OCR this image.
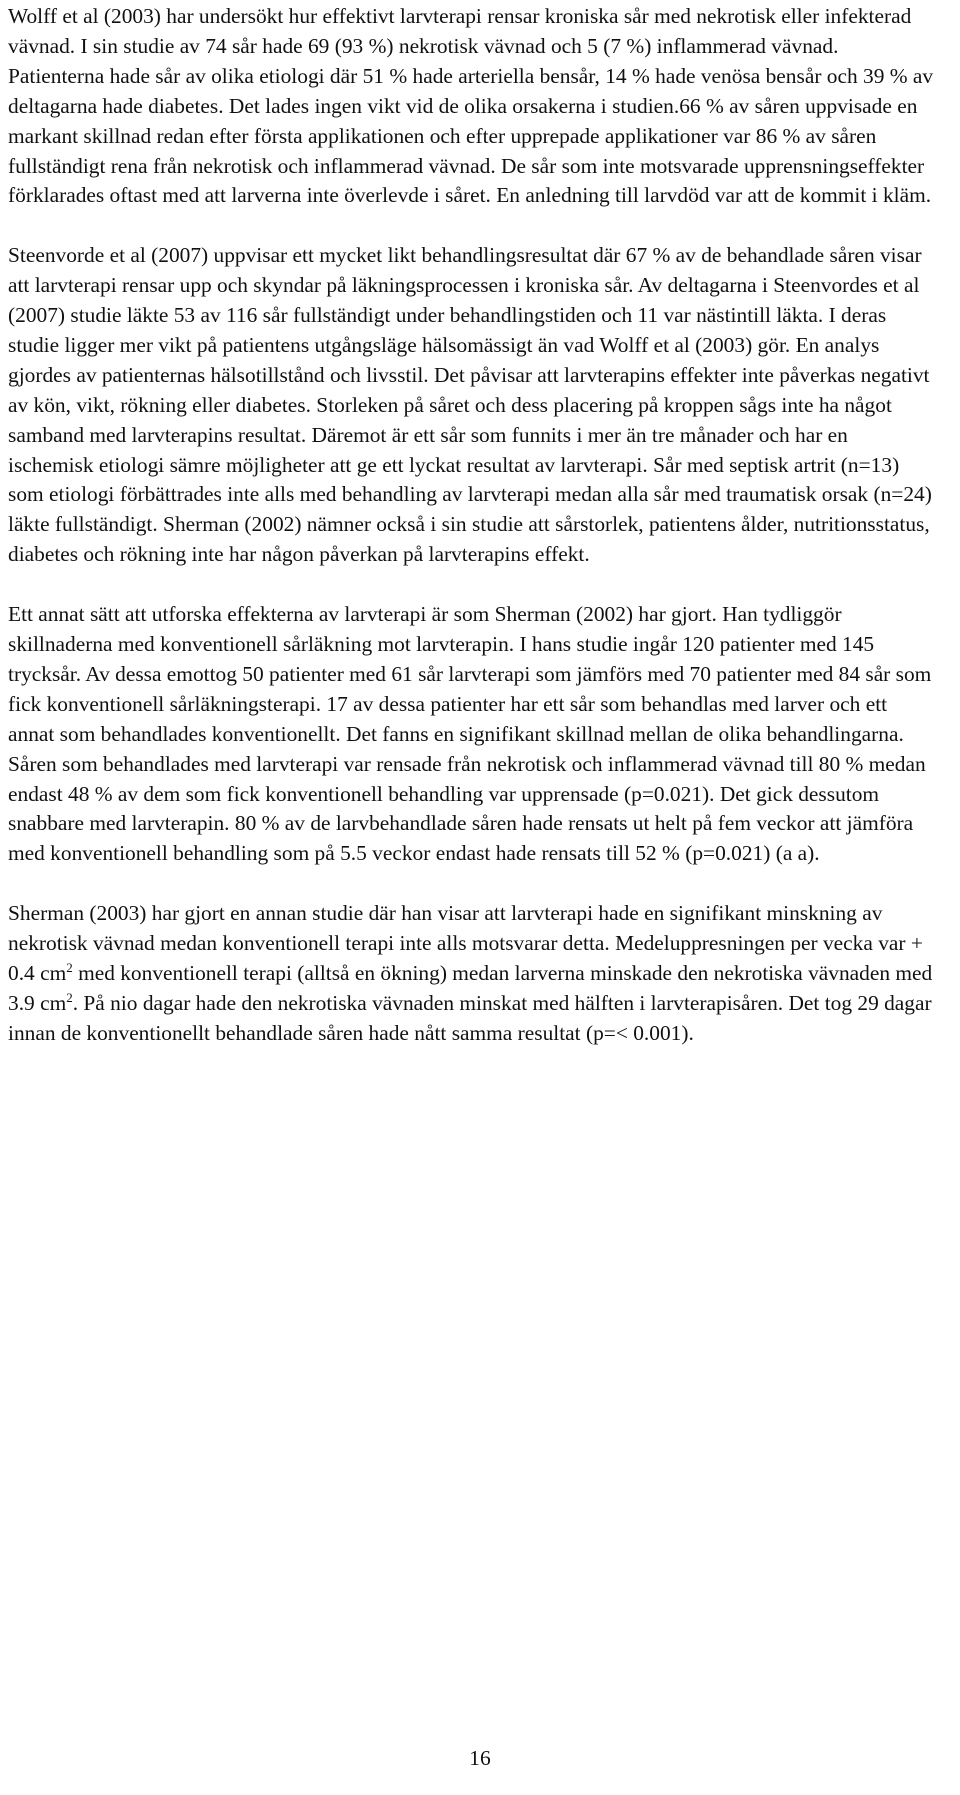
Wolff et al (2003) har undersökt hur effektivt larvterapi rensar kroniska sår med nekrotisk eller infekterad vävnad. I sin studie av 74 sår hade 69 (93 %) nekrotisk vävnad och 5 (7 %) inflammerad vävnad. Patienterna hade sår av olika etiologi där 51 % hade arteriella bensår, 14 % hade venösa bensår och 39 % av deltagarna hade diabetes. Det lades ingen vikt vid de olika orsakerna i studien.66 % av såren uppvisade en markant skillnad redan efter första applikationen och efter upprepade applikationer var 86 % av såren fullständigt rena från nekrotisk och inflammerad vävnad. De sår som inte motsvarade upprensningseffekter förklarades oftast med att larverna inte överlevde i såret. En anledning till larvdöd var att de kommit i kläm.

Steenvorde et al (2007) uppvisar ett mycket likt behandlingsresultat där 67 % av de behandlade såren visar att larvterapi rensar upp och skyndar på läkningsprocessen i kroniska sår. Av deltagarna i Steenvordes et al (2007) studie läkte 53 av 116 sår fullständigt under behandlingstiden och 11 var nästintill läkta. I deras studie ligger mer vikt på patientens utgångsläge hälsomässigt än vad Wolff et al (2003) gör. En analys gjordes av patienternas hälsotillstånd och livsstil. Det påvisar att larvterapins effekter inte påverkas negativt av kön, vikt, rökning eller diabetes. Storleken på såret och dess placering på kroppen sågs inte ha något samband med larvterapins resultat. Däremot är ett sår som funnits i mer än tre månader och har en ischemisk etiologi sämre möjligheter att ge ett lyckat resultat av larvterapi. Sår med septisk artrit (n=13) som etiologi förbättrades inte alls med behandling av larvterapi medan alla sår med traumatisk orsak (n=24) läkte fullständigt. Sherman (2002) nämner också i sin studie att sårstorlek, patientens ålder, nutritionsstatus, diabetes och rökning inte har någon påverkan på larvterapins effekt.

Ett annat sätt att utforska effekterna av larvterapi är som Sherman (2002) har gjort. Han tydliggör skillnaderna med konventionell sårläkning mot larvterapin. I hans studie ingår 120 patienter med 145 trycksår. Av dessa emottog 50 patienter med 61 sår larvterapi som jämförs med 70 patienter med 84 sår som fick konventionell sårläkningsterapi. 17 av dessa patienter har ett sår som behandlas med larver och ett annat som behandlades konventionellt. Det fanns en signifikant skillnad mellan de olika behandlingarna. Såren som behandlades med larvterapi var rensade från nekrotisk och inflammerad vävnad till 80 % medan endast 48 % av dem som fick konventionell behandling var upprensade (p=0.021). Det gick dessutom snabbare med larvterapin. 80 % av de larvbehandlade såren hade rensats ut helt på fem veckor att jämföra med konventionell behandling som på 5.5 veckor endast hade rensats till 52 % (p=0.021) (a a).

Sherman (2003) har gjort en annan studie där han visar att larvterapi hade en signifikant minskning av nekrotisk vävnad medan konventionell terapi inte alls motsvarar detta. Medeluppresningen per vecka var + 0.4 $cm^2$ med konventionell terapi (alltså en ökning) medan larverna minskade den nekrotiska vävnaden med 3.9 $cm^2$. På nio dagar hade den nekrotiska vävnaden minskat med hälften i larvterapisåren. Det tog 29 dagar innan de konventionellt behandlade såren hade nått samma resultat (p=< 0.001).

16
